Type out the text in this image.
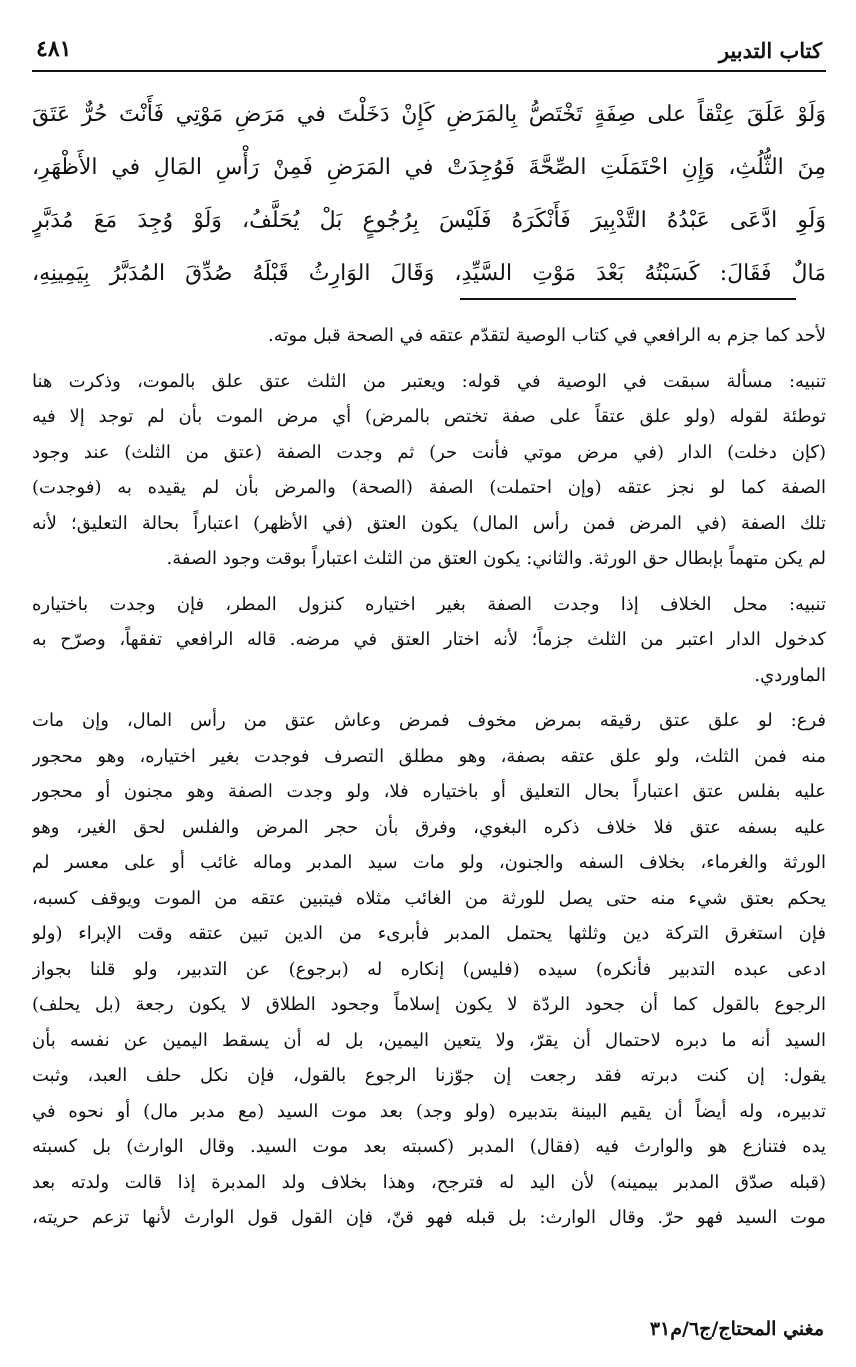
كتاب التدبير
٤٨١
وَلَوْ عَلَقَ عِتْقاً على صِفَةٍ تَخْتَصُّ بِالمَرَضِ كَإِنْ دَخَلْتَ في مَرَضِ مَوْتِي فَأَنْتَ حُرٌّ عَتَقَ
مِنَ الثُّلُثِ، وَإِنِ احْتَمَلَتِ الصِّحَّةَ فَوُجِدَتْ في المَرَضِ فَمِنْ رَأْسِ المَالِ في الأَظْهَرِ،
وَلَوِ ادَّعَى عَبْدُهُ التَّدْبِيرَ فَأَنْكَرَهُ فَلَيْسَ بِرُجُوعٍ بَلْ يُحَلَّفُ، وَلَوْ وُجِدَ مَعَ مُدَبَّرٍ
مَالٌ فَقَالَ: كَسَبْتُهُ بَعْدَ مَوْتِ السَّيِّدِ، وَقَالَ الوَارِثُ قَبْلَهُ صُدِّقَ المُدَبَّرُ بِيَمِينِهِ،
لأحد كما جزم به الرافعي في كتاب الوصية لتقدّم عتقه في الصحة قبل موته.
تنبيه: مسألة سبقت في الوصية في قوله: ويعتبر من الثلث عتق علق بالموت، وذكرت هنا
توطئة لقوله (ولو علق عتقاً على صفة تختص بالمرض) أي مرض الموت بأن لم توجد إلا فيه
(كإن دخلت) الدار (في مرض موتي فأنت حر) ثم وجدت الصفة (عتق من الثلث) عند وجود
الصفة كما لو نجز عتقه (وإن احتملت) الصفة (الصحة) والمرض بأن لم يقيده به (فوجدت)
تلك الصفة (في المرض فمن رأس المال) يكون العتق (في الأظهر) اعتباراً بحالة التعليق؛ لأنه
لم يكن متهماً بإبطال حق الورثة. والثاني: يكون العتق من الثلث اعتباراً بوقت وجود الصفة.
تنبيه: محل الخلاف إذا وجدت الصفة بغير اختياره كنزول المطر، فإن وجدت باختياره
كدخول الدار اعتبر من الثلث جزماً؛ لأنه اختار العتق في مرضه. قاله الرافعي تفقهاً، وصرّح به
الماوردي.
فرع: لو علق عتق رقيقه بمرض مخوف فمرض وعاش عتق من رأس المال، وإن مات
منه فمن الثلث، ولو علق عتقه بصفة، وهو مطلق التصرف فوجدت بغير اختياره، وهو محجور
عليه بفلس عتق اعتباراً بحال التعليق أو باختياره فلا، ولو وجدت الصفة وهو مجنون أو محجور
عليه بسفه عتق فلا خلاف ذكره البغوي، وفرق بأن حجر المرض والفلس لحق الغير، وهو
الورثة والغرماء، بخلاف السفه والجنون، ولو مات سيد المدبر وماله غائب أو على معسر لم
يحكم بعتق شيء منه حتى يصل للورثة من الغائب مثلاه فيتبين عتقه من الموت ويوقف كسبه،
فإن استغرق التركة دين وثلثها يحتمل المدبر فأبرىء من الدين تبين عتقه وقت الإبراء (ولو
ادعى عبده التدبير فأنكره) سيده (فليس) إنكاره له (برجوع) عن التدبير، ولو قلنا بجواز
الرجوع بالقول كما أن جحود الردّة لا يكون إسلاماً وجحود الطلاق لا يكون رجعة (بل يحلف)
السيد أنه ما دبره لاحتمال أن يقرّ، ولا يتعين اليمين، بل له أن يسقط اليمين عن نفسه بأن
يقول: إن كنت دبرته فقد رجعت إن جوّزنا الرجوع بالقول، فإن نكل حلف العبد، وثبت
تدبيره، وله أيضاً أن يقيم البينة بتدبيره (ولو وجد) بعد موت السيد (مع مدبر مال) أو نحوه في
يده فتنازع هو والوارث فيه (فقال) المدبر (كسبته بعد موت السيد. وقال الوارث) بل كسبته
(قبله صدّق المدبر بيمينه) لأن اليد له فترجح، وهذا بخلاف ولد المدبرة إذا قالت ولدته بعد
موت السيد فهو حرّ. وقال الوارث: بل قبله فهو قنّ، فإن القول قول الوارث لأنها تزعم حريته،
مغني المحتاج/ج٦/م٣١
